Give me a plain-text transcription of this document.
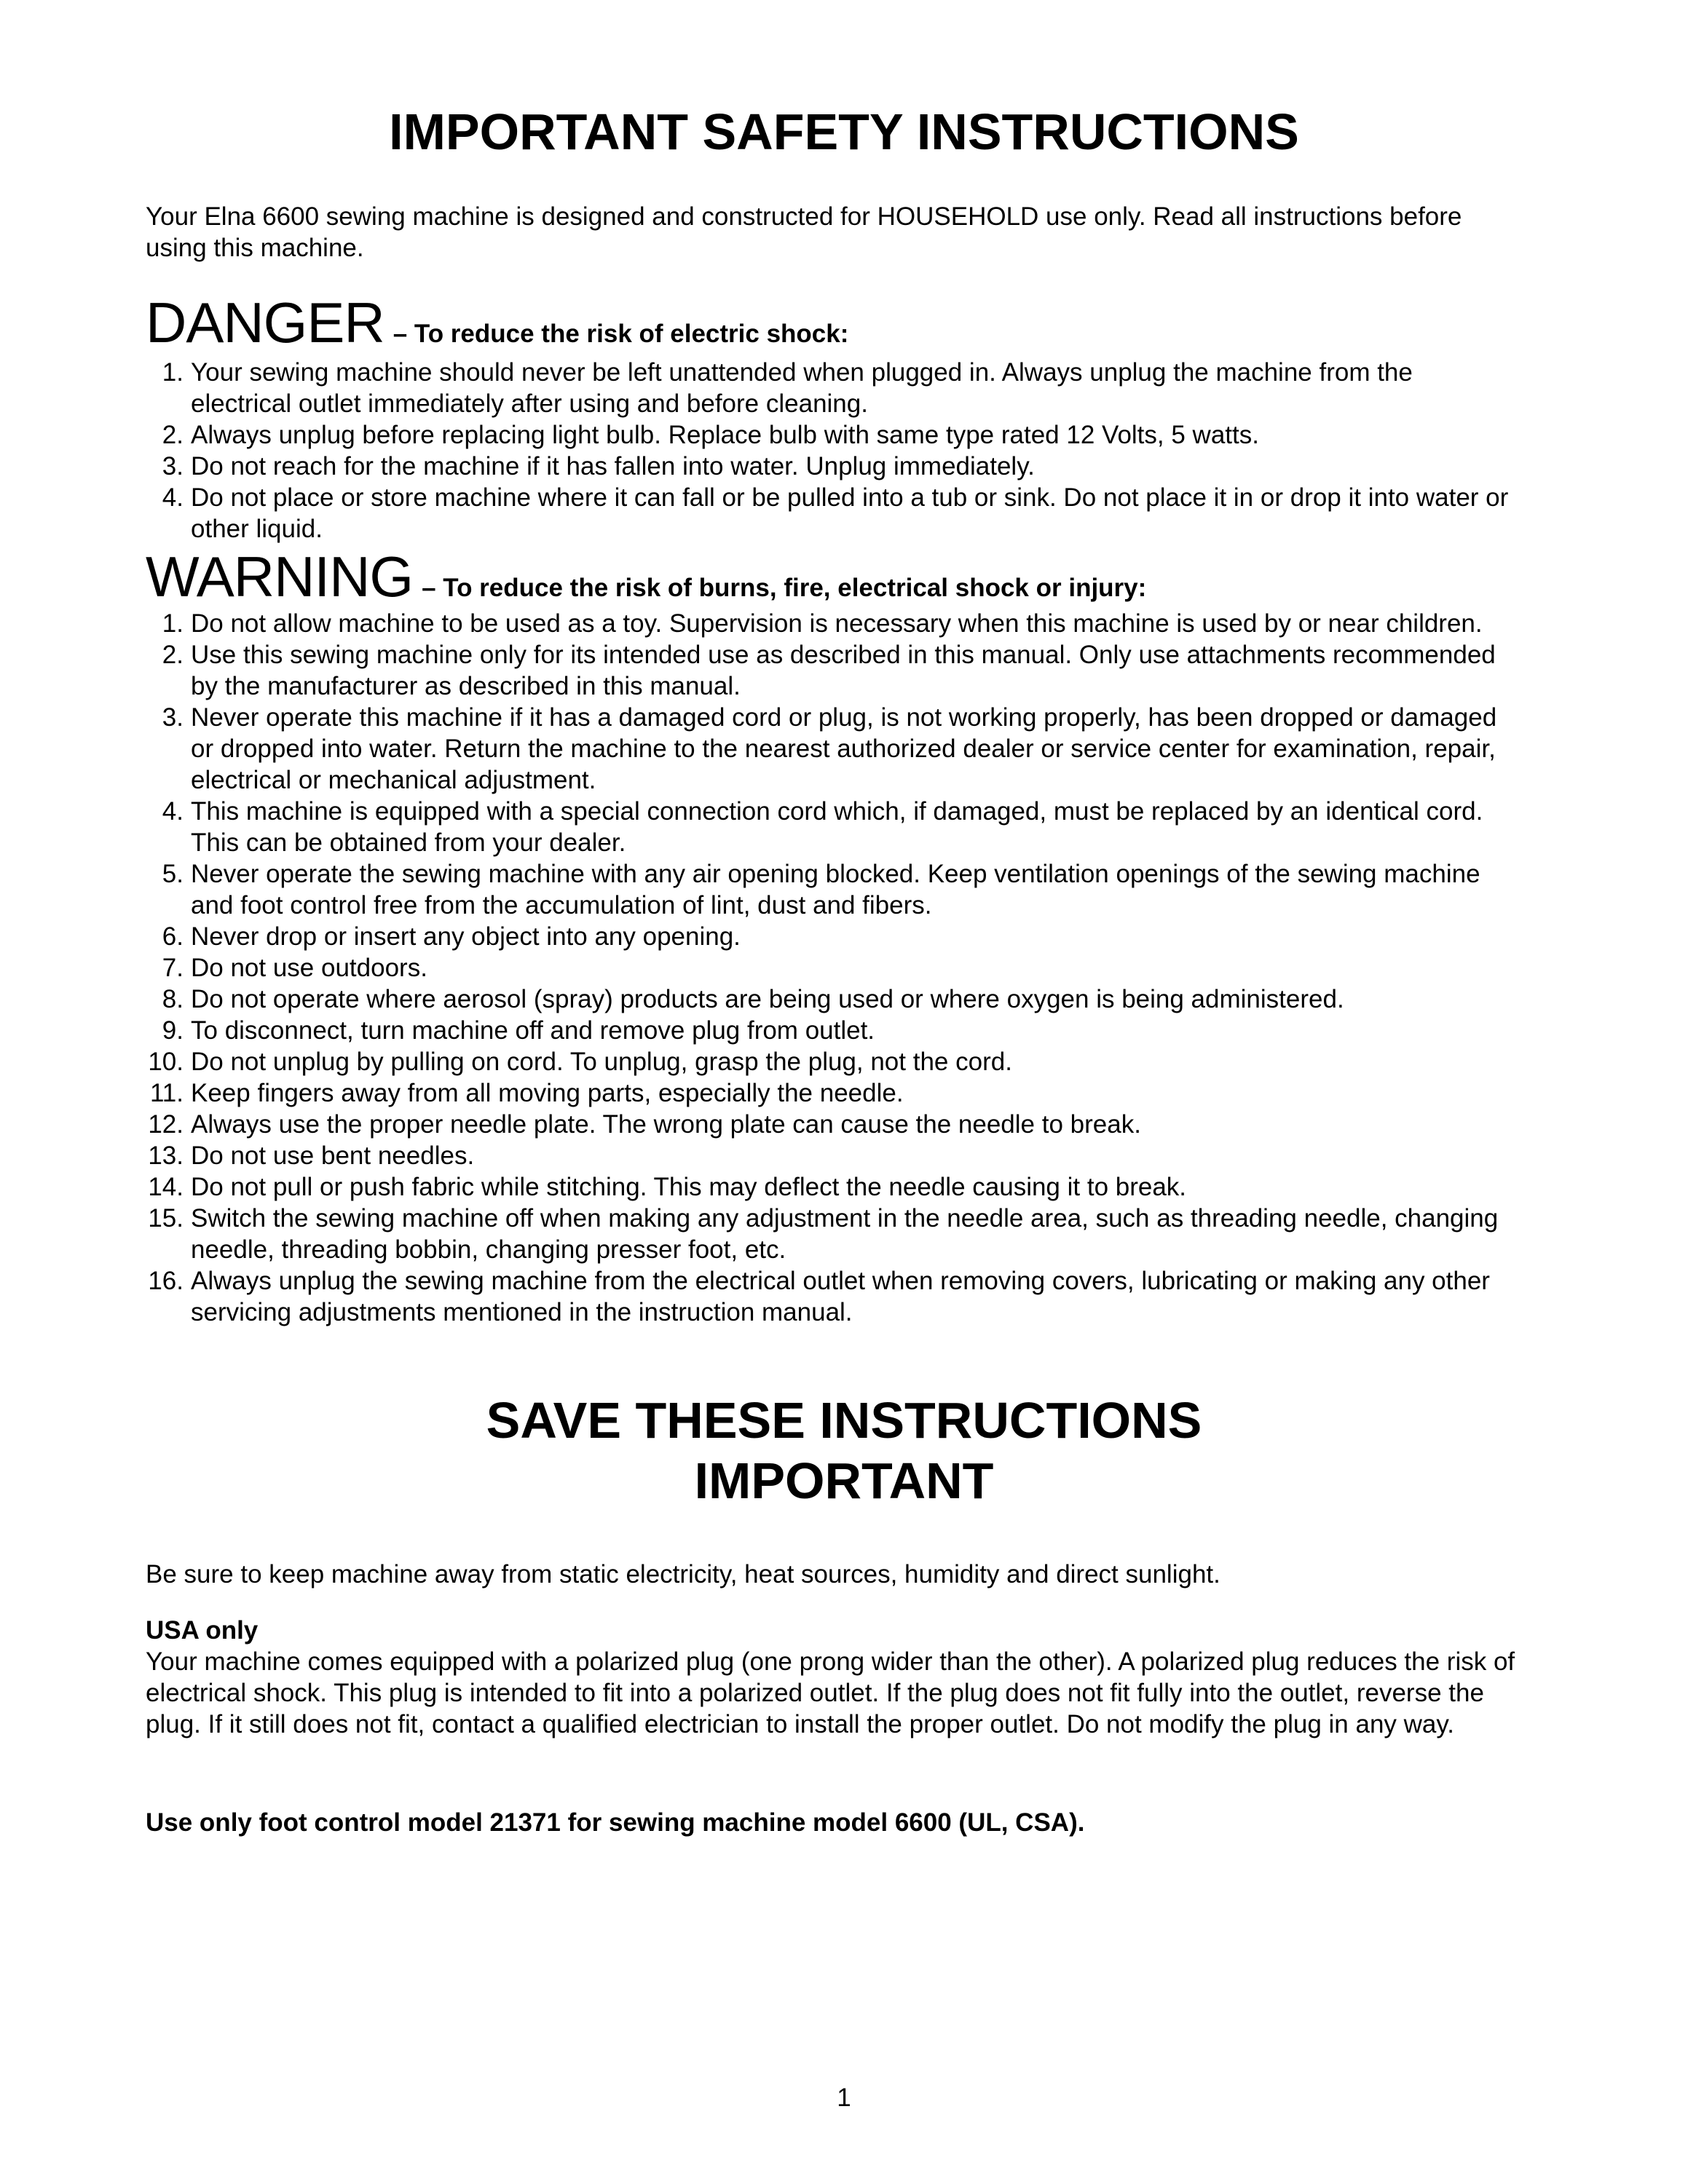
IMPORTANT SAFETY INSTRUCTIONS

Your Elna 6600 sewing machine is designed and constructed for HOUSEHOLD use only. Read all instructions before using this machine.

DANGER – To reduce the risk of electric shock:
1. Your sewing machine should never be left unattended when plugged in. Always unplug the machine from the electrical outlet immediately after using and before cleaning.
2. Always unplug before replacing light bulb. Replace bulb with same type rated 12 Volts, 5 watts.
3. Do not reach for the machine if it has fallen into water. Unplug immediately.
4. Do not place or store machine where it can fall or be pulled into a tub or sink. Do not place it in or drop it into water or other liquid.
WARNING – To reduce the risk of burns, fire, electrical shock or injury:
1. Do not allow machine to be used as a toy. Supervision is necessary when this machine is used by or near children.
2. Use this sewing machine only for its intended use as described in this manual. Only use attachments recommended by the manufacturer as described in this manual.
3. Never operate this machine if it has a damaged cord or plug, is not working properly, has been dropped or damaged or dropped into water. Return the machine to the nearest authorized dealer or service center for examination, repair, electrical or mechanical adjustment.
4. This machine is equipped with a special connection cord which, if damaged, must be replaced by an identical cord. This can be obtained from your dealer.
5. Never operate the sewing machine with any air opening blocked. Keep ventilation openings of the sewing machine and foot control free from the accumulation of lint, dust and fibers.
6. Never drop or insert any object into any opening.
7. Do not use outdoors.
8. Do not operate where aerosol (spray) products are being used or where oxygen is being administered.
9. To disconnect, turn machine off and remove plug from outlet.
10. Do not unplug by pulling on cord. To unplug, grasp the plug, not the cord.
11. Keep fingers away from all moving parts, especially the needle.
12. Always use the proper needle plate. The wrong plate can cause the needle to break.
13. Do not use bent needles.
14. Do not pull or push fabric while stitching. This may deflect the needle causing it to break.
15. Switch the sewing machine off when making any adjustment in the needle area, such as threading needle, changing needle, threading bobbin, changing presser foot, etc.
16. Always unplug the sewing machine from the electrical outlet when removing covers, lubricating or making any other servicing adjustments mentioned in the instruction manual.
SAVE THESE INSTRUCTIONS
IMPORTANT

Be sure to keep machine away from static electricity, heat sources, humidity and direct sunlight.

USA only

Your machine comes equipped with a polarized plug (one prong wider than the other). A polarized plug reduces the risk of electrical shock. This plug is intended to fit into a polarized outlet. If the plug does not fit fully into the outlet, reverse the plug. If it still does not fit, contact a qualified electrician to install the proper outlet. Do not modify the plug in any way.

Use only foot control model 21371 for sewing machine model 6600 (UL, CSA).

1
